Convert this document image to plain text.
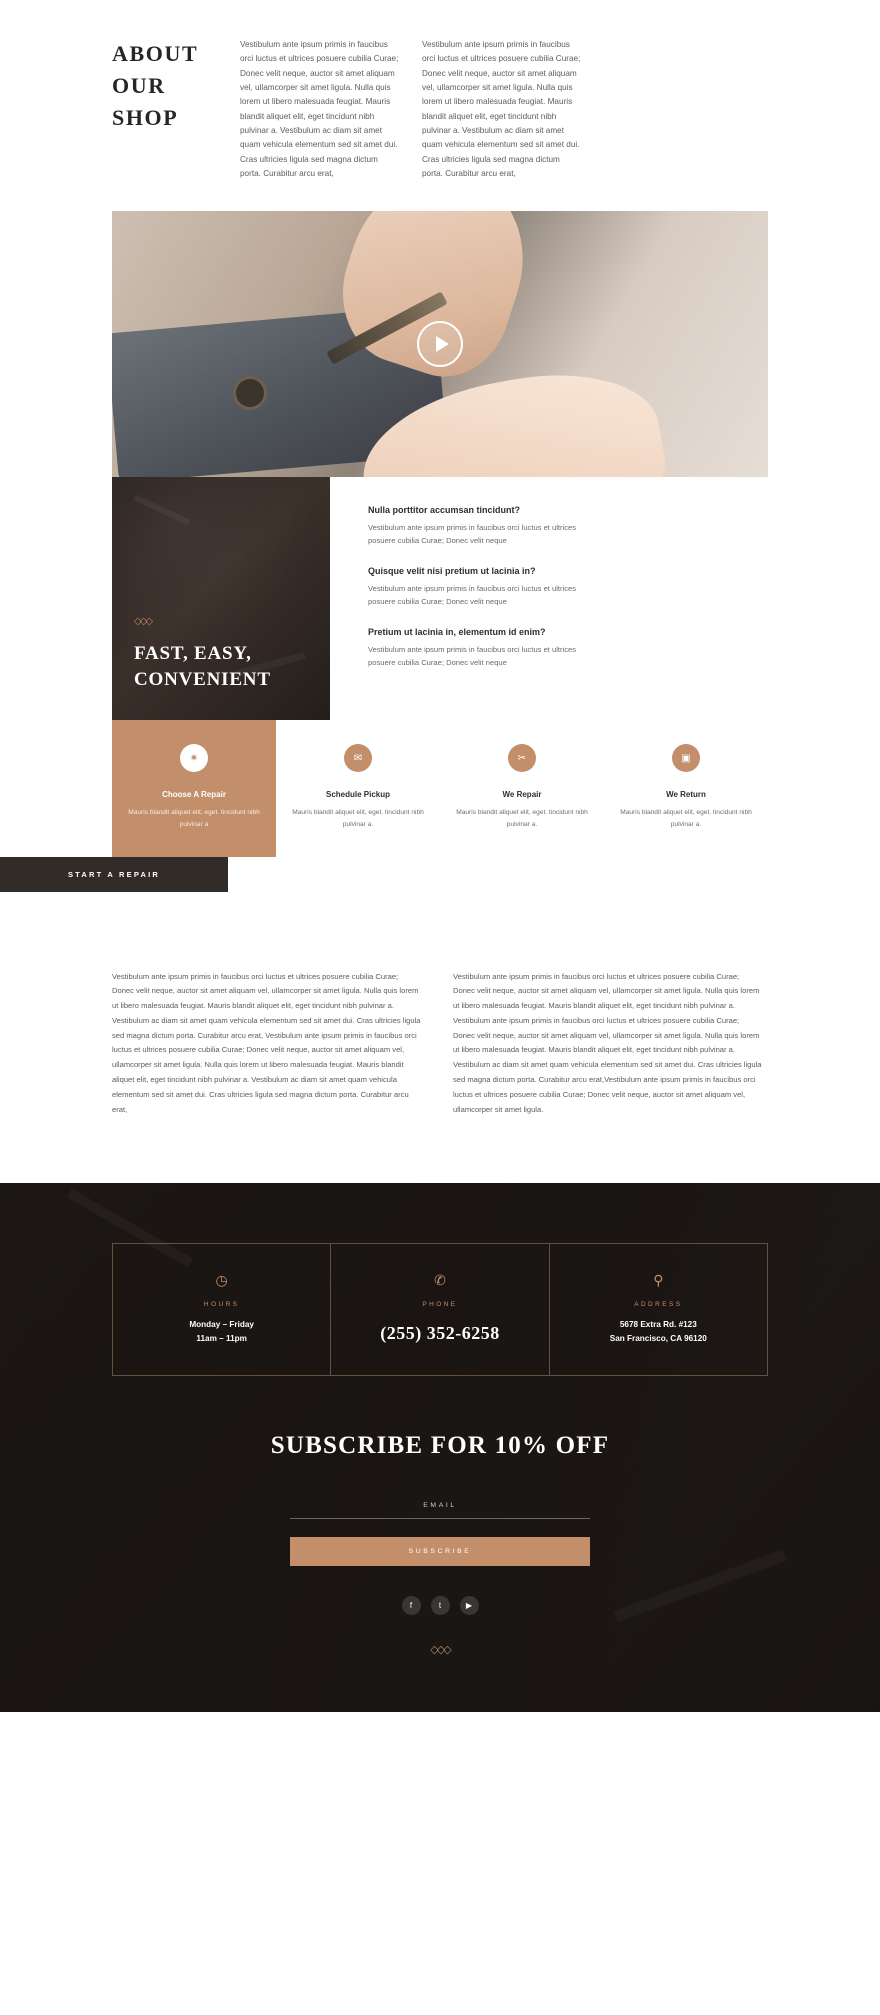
ABOUT
OUR SHOP
Vestibulum ante ipsum primis in faucibus orci luctus et ultrices posuere cubilia Curae; Donec velit neque, auctor sit amet aliquam vel, ullamcorper sit amet ligula. Nulla quis lorem ut libero malesuada feugiat. Mauris blandit aliquet elit, eget tincidunt nibh pulvinar a. Vestibulum ac diam sit amet quam vehicula elementum sed sit amet dui. Cras ultricies ligula sed magna dictum porta. Curabitur arcu erat,
Vestibulum ante ipsum primis in faucibus orci luctus et ultrices posuere cubilia Curae; Donec velit neque, auctor sit amet aliquam vel, ullamcorper sit amet ligula. Nulla quis lorem ut libero malesuada feugiat. Mauris blandit aliquet elit, eget tincidunt nibh pulvinar a. Vestibulum ac diam sit amet quam vehicula elementum sed sit amet dui. Cras ultricies ligula sed magna dictum porta. Curabitur arcu erat,
◇◇◇
FAST, EASY,
CONVENIENT
Nulla porttitor accumsan tincidunt?
Vestibulum ante ipsum primis in faucibus orci luctus et ultrices posuere cubilia Curae; Donec velit neque
Quisque velit nisi pretium ut lacinia in?
Vestibulum ante ipsum primis in faucibus orci luctus et ultrices posuere cubilia Curae; Donec velit neque
Pretium ut lacinia in, elementum id enim?
Vestibulum ante ipsum primis in faucibus orci luctus et ultrices posuere cubilia Curae; Donec velit neque
✷
Choose A Repair
Mauris blandit aliquet elit, eget. tincidunt nibh pulvinar a
✉
Schedule Pickup
Mauris blandit aliquet elit, eget. tincidunt nibh pulvinar a.
✂
We Repair
Mauris blandit aliquet elit, eget. tincidunt nibh pulvinar a.
▣
We Return
Mauris blandit aliquet elit, eget. tincidunt nibh pulvinar a.
START A REPAIR
Vestibulum ante ipsum primis in faucibus orci luctus et ultrices posuere cubilia Curae; Donec velit neque, auctor sit amet aliquam vel, ullamcorper sit amet ligula. Nulla quis lorem ut libero malesuada feugiat. Mauris blandit aliquet elit, eget tincidunt nibh pulvinar a. Vestibulum ac diam sit amet quam vehicula elementum sed sit amet dui. Cras ultricies ligula sed magna dictum porta. Curabitur arcu erat, Vestibulum ante ipsum primis in faucibus orci luctus et ultrices posuere cubilia Curae; Donec velit neque, auctor sit amet aliquam vel, ullamcorper sit amet ligula. Nulla quis lorem ut libero malesuada feugiat. Mauris blandit aliquet elit, eget tincidunt nibh pulvinar a. Vestibulum ac diam sit amet quam vehicula elementum sed sit amet dui. Cras ultricies ligula sed magna dictum porta. Curabitur arcu erat,
Vestibulum ante ipsum primis in faucibus orci luctus et ultrices posuere cubilia Curae; Donec velit neque, auctor sit amet aliquam vel, ullamcorper sit amet ligula. Nulla quis lorem ut libero malesuada feugiat. Mauris blandit aliquet elit, eget tincidunt nibh pulvinar a. Vestibulum ante ipsum primis in faucibus orci luctus et ultrices posuere cubilia Curae; Donec velit neque, auctor sit amet aliquam vel, ullamcorper sit amet ligula. Nulla quis lorem ut libero malesuada feugiat. Mauris blandit aliquet elit, eget tincidunt nibh pulvinar a. Vestibulum ac diam sit amet quam vehicula elementum sed sit amet dui. Cras ultricies ligula sed magna dictum porta. Curabitur arcu erat,Vestibulum ante ipsum primis in faucibus orci luctus et ultrices posuere cubilia Curae; Donec velit neque, auctor sit amet aliquam vel, ullamcorper sit amet ligula.
◷
HOURS
Monday – Friday
11am – 11pm
✆
PHONE
(255) 352-6258
⚲
ADDRESS
5678 Extra Rd. #123
San Francisco, CA 96120
SUBSCRIBE FOR 10% OFF
EMAIL SUBSCRIBE
f	t	▶
◇◇◇
